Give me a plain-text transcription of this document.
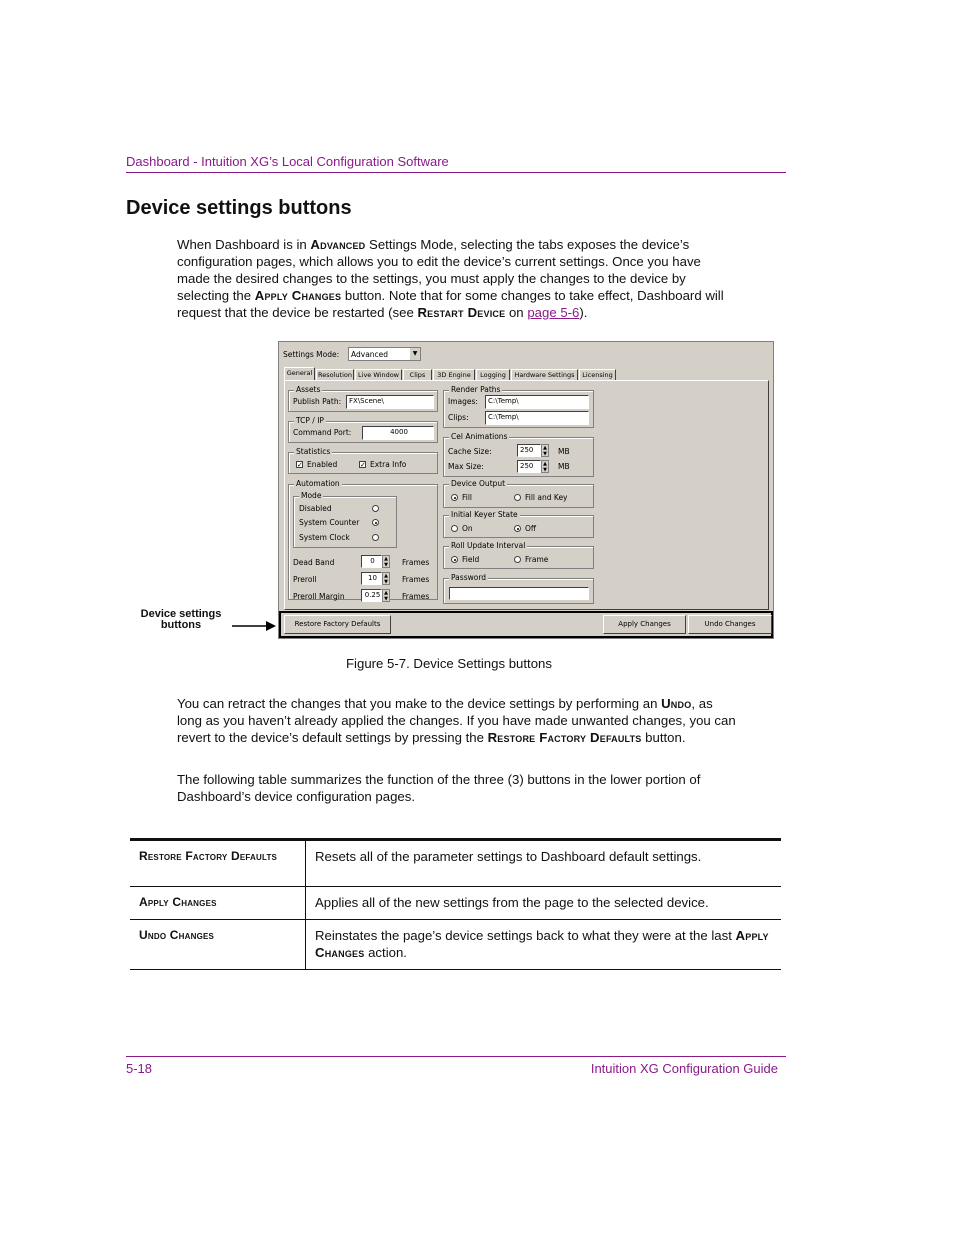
Dashboard - Intuition XG’s Local Configuration Software
Device settings buttons
When Dashboard is in Advanced Settings Mode, selecting the tabs exposes the device’s configuration pages, which allows you to edit the device’s current settings. Once you have made the desired changes to the settings, you must apply the changes to the device by selecting the Apply Changes button. Note that for some changes to take effect, Dashboard will request that the device be restarted (see Restart Device on page 5-6).
Settings Mode: Advanced	▼
General Resolution Live Window	Clips	3D Engine	Logging	Hardware Settings	Licensing
Assets
Publish Path:	FX\Scene\
TCP / IP
Command Port:	4000
Statistics
✓ Enabled	✓ Extra Info
Automation
Mode
Disabled
System Counter
System Clock
Dead Band	0	▲
▼ Frames
Preroll	10	▲
▼ Frames
Preroll Margin	0.25 ▲
▼ Frames
Render Paths
Images:	C:\Temp\
Clips:	C:\Temp\
Cel Animations
Cache Size:	250	▲
▼ MB
Max Size:	250	▲
▼ MB
Device Output
Fill	Fill and Key
Initial Keyer State
On	Off
Roll Update Interval
Field	Frame
Password
Restore Factory Defaults	Apply Changes	Undo Changes
Device settings
buttons
Figure 5-7. Device Settings buttons
You can retract the changes that you make to the device settings by performing an Undo, as long as you haven’t already applied the changes. If you have made unwanted changes, you can revert to the device’s default settings by pressing the Restore Factory Defaults button.
The following table summarizes the function of the three (3) buttons in the lower portion of Dashboard’s device configuration pages.
Restore Factory Defaults	Resets all of the parameter settings to Dashboard default settings.
Apply Changes	Applies all of the new settings from the page to the selected device.
Undo Changes	Reinstates the page’s device settings back to what they were at the last Apply Changes action.
5-18	Intuition XG Configuration Guide
